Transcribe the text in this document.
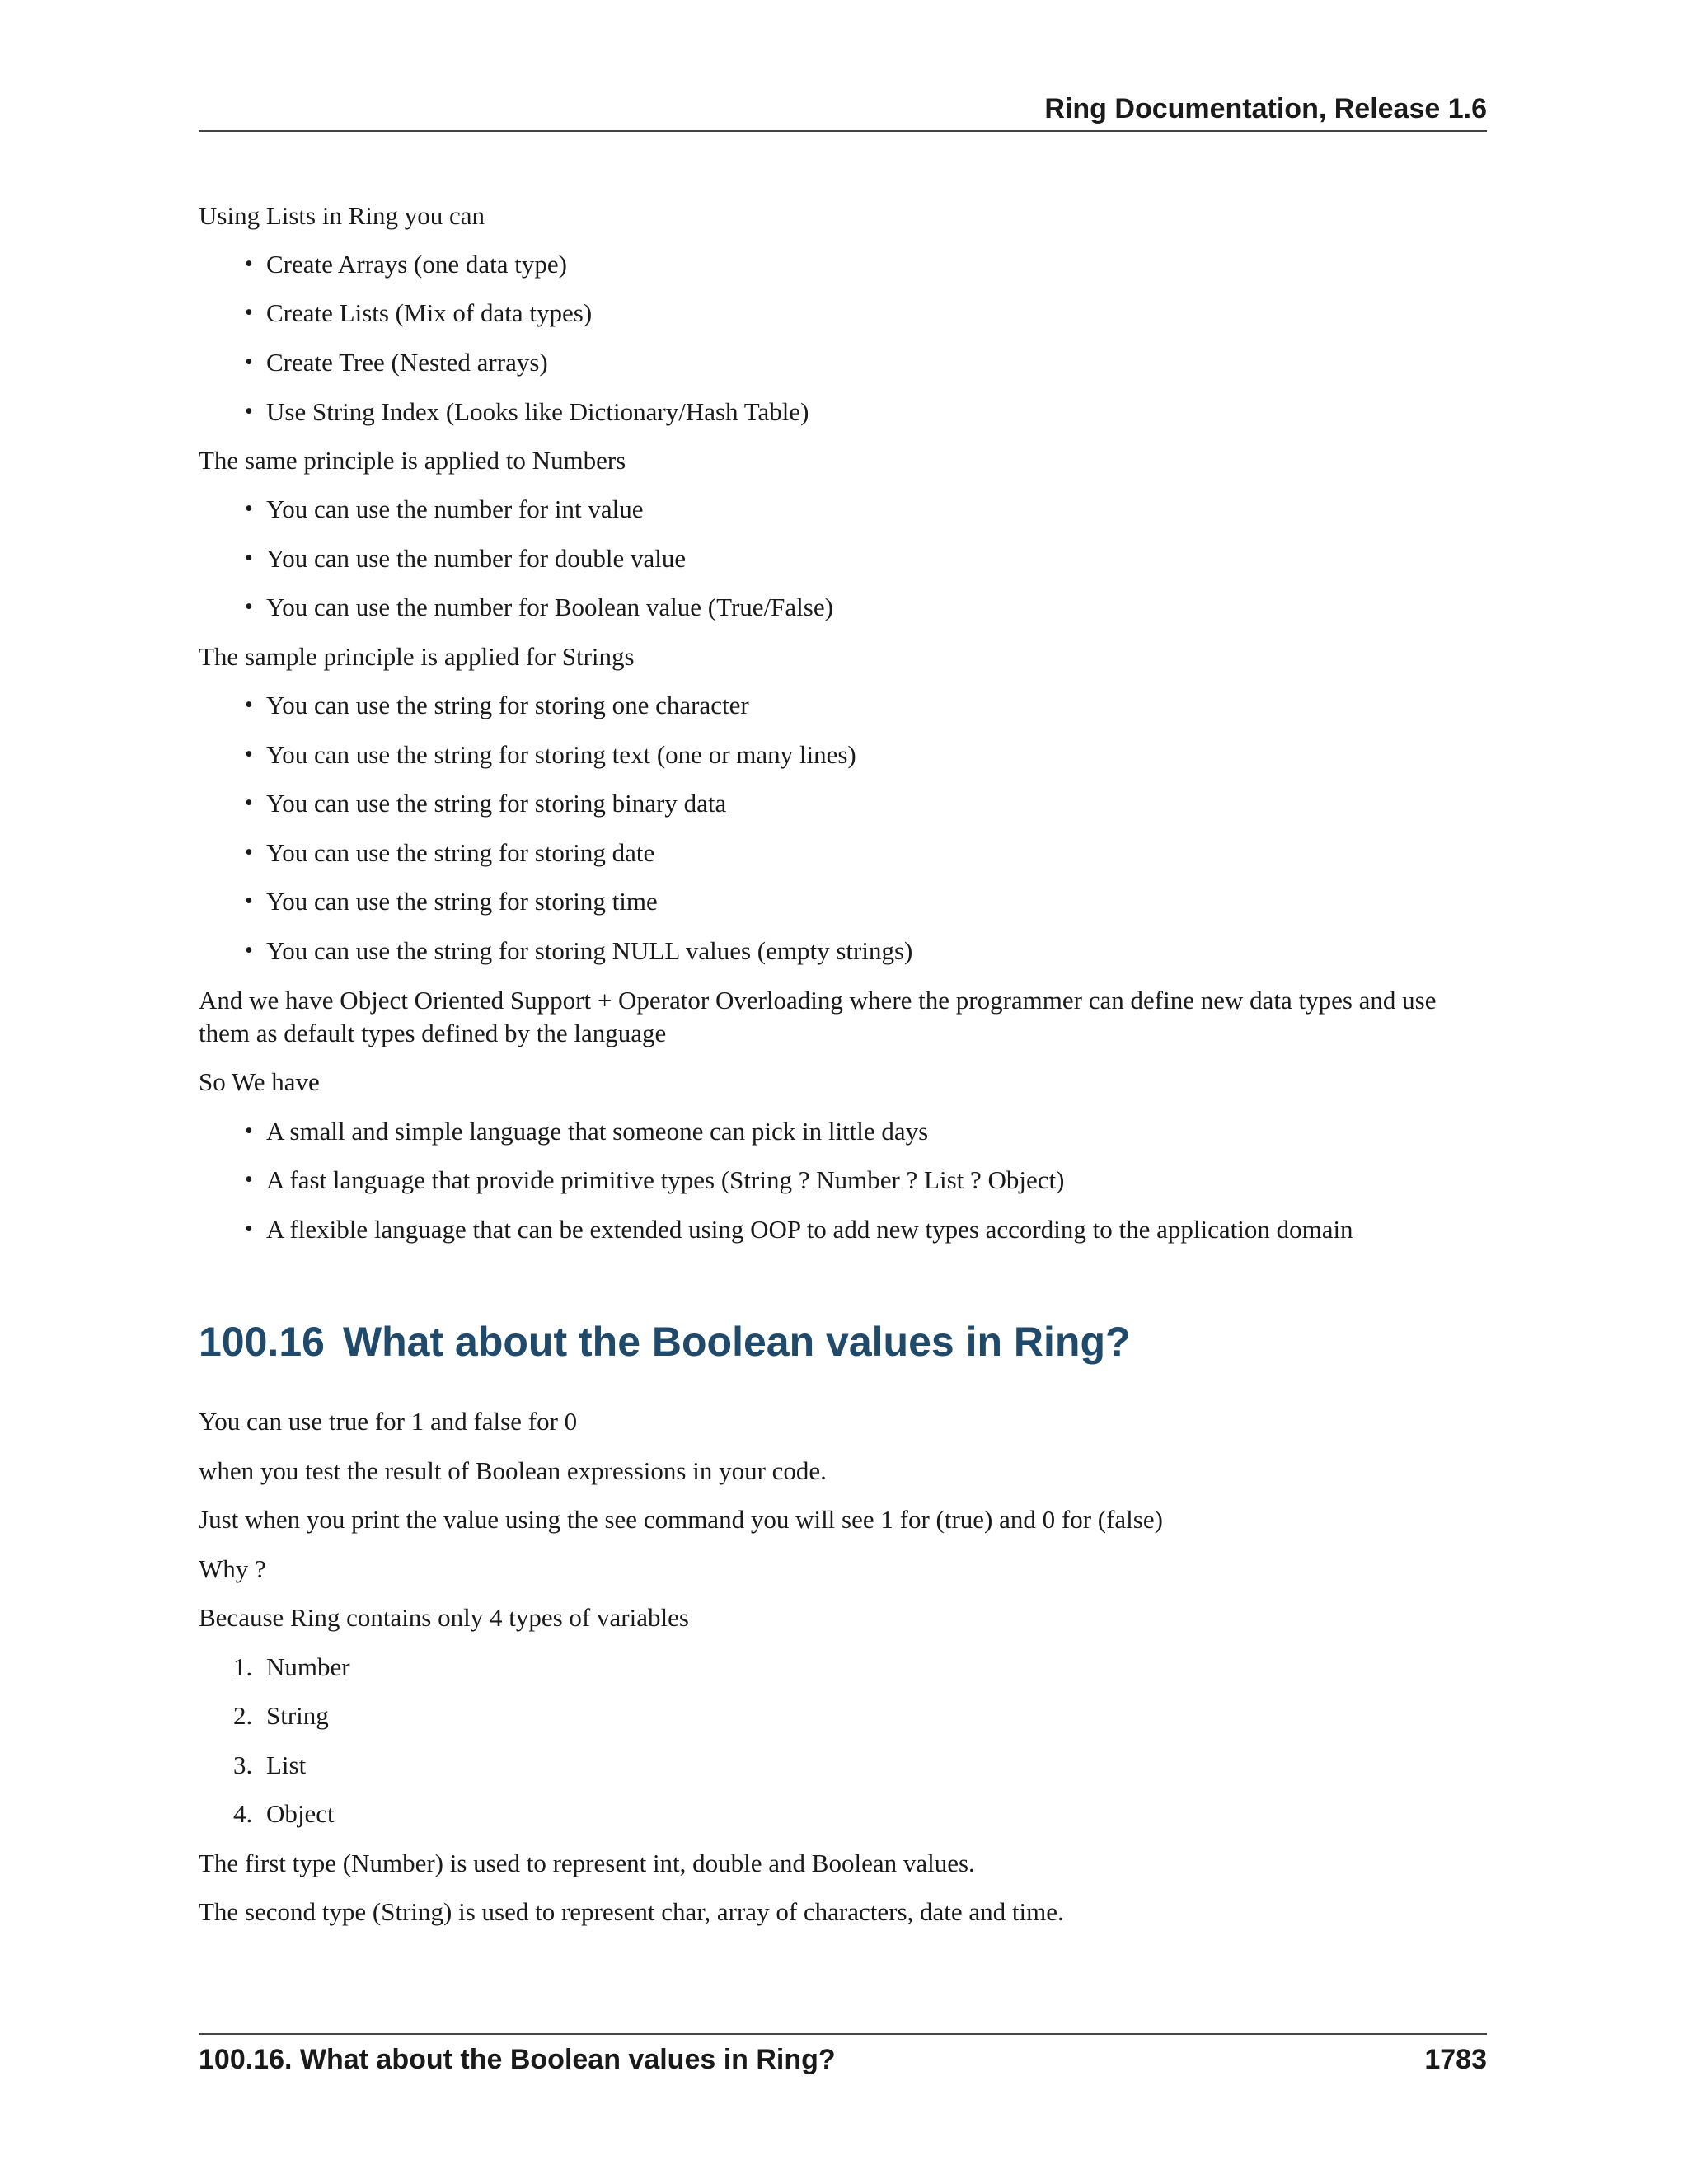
Ring Documentation, Release 1.6
Using Lists in Ring you can
• Create Arrays (one data type)
• Create Lists (Mix of data types)
• Create Tree (Nested arrays)
• Use String Index (Looks like Dictionary/Hash Table)
The same principle is applied to Numbers
• You can use the number for int value
• You can use the number for double value
• You can use the number for Boolean value (True/False)
The sample principle is applied for Strings
• You can use the string for storing one character
• You can use the string for storing text (one or many lines)
• You can use the string for storing binary data
• You can use the string for storing date
• You can use the string for storing time
• You can use the string for storing NULL values (empty strings)
And we have Object Oriented Support + Operator Overloading where the programmer can define new data types and use them as default types defined by the language
So We have
• A small and simple language that someone can pick in little days
• A fast language that provide primitive types (String ? Number ? List ? Object)
• A flexible language that can be extended using OOP to add new types according to the application domain
100.16 What about the Boolean values in Ring?
You can use true for 1 and false for 0
when you test the result of Boolean expressions in your code.
Just when you print the value using the see command you will see 1 for (true) and 0 for (false)
Why ?
Because Ring contains only 4 types of variables
1. Number
2. String
3. List
4. Object
The first type (Number) is used to represent int, double and Boolean values.
The second type (String) is used to represent char, array of characters, date and time.
100.16. What about the Boolean values in Ring?	1783
